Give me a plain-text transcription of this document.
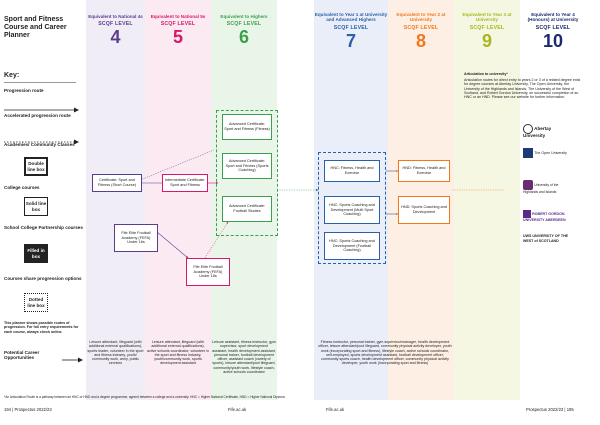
Equivalent to National 4s
SCQF LEVEL
4
Equivalent to National 5s
SCQF LEVEL
5
Equivalent to Highers
SCQF LEVEL
6
Equivalent to Year 1 at University and Advanced Highers
SCQF LEVEL
7
Equivalent to Year 2 at University
SCQF LEVEL
8
Equivalent to Year 3 at University
SCQF LEVEL
9
Equivalent to Year 4 (Honours) at University
SCQF LEVEL
10
Sport and Fitness Course and Career Planner
Key:
Progression route
Accelerated progression route
Academies/ Community Classes
Double line box
College courses
Solid line box
School College Partnership courses
Filled in box
Courses share progression options
Dotted line box
This planner shows possible routes of progression. For full entry requirements for each course, always check online.
Potential Career Opportunities
Certificate: Sport and Fitness (Short Course)
Fife Elite Football Academy (FEFA) Under 16s
Intermediate Certificate: Sport and Fitness
Fife Elite Football Academy (FEFA) Under 18s
Advanced Certificate: Sport and Fitness (Fitness)
Advanced Certificate: Sport and Fitness (Sports Coaching)
Advanced Certificate: Football Studies
HNC: Fitness, Health and Exercise
HNC: Sports Coaching and Development (Multi Sport Coaching)
HNC: Sports Coaching and Development (Football Coaching)
HND: Fitness, Health and Exercise
HND: Sports Coaching and Development
Articulation to university*
Articulation routes for direct entry to years 2 or 3 of a related degree exist for degree courses at Abertay University, The Open University, the University of the Highlands and Islands, The University of the West of Scotland, and Robert Gordon University, on successful completion of an HNC or an HND. Please see our website for further information.
Abertay University
The Open University
University of the Highlands and Islands
ROBERT GORDON UNIVERSITY ABERDEEN
UWS UNIVERSITY OF THE WEST of SCOTLAND
Leisure attendant, lifeguard (with additional external qualifications), sports leader, volunteer in the sport and fitness industry, youth/ community work, army, public services
Leisure attendant, lifeguard (with additional external qualifications), active schools coordinator, volunteer in the sport and fitness industry, youth/community work, sports development assistant
Leisure assistant, fitness instructor, gym supervisor, sport development assistant, health development assistant, personal trainer, football development officer, assistant coach (variety of sports), leisure attendant/pool lifeguard, community/youth work, lifestyle coach, active schools coordinator
Fitness instructor, personal trainer, gym supervisor/manager, health development officer, leisure attendant/pool lifeguard, community physical activity developer, youth work (incorporating sport and fitness), lifestyle coach, active schools coordinator, self-employed, sports development assistant, football development officer, community sports coach, health development officer, community physical activity developer, youth work (incorporating sport and fitness)
*An Articulation Route is a pathway between an HNC or HND and a degree programme, agreed between a college and a university. HNC = Higher National Certificate, HND = Higher National Diploma
194 | Prospectus 2022/23	Fife.ac.uk	Fife.ac.uk	Prospectus 2022/23 | 195
